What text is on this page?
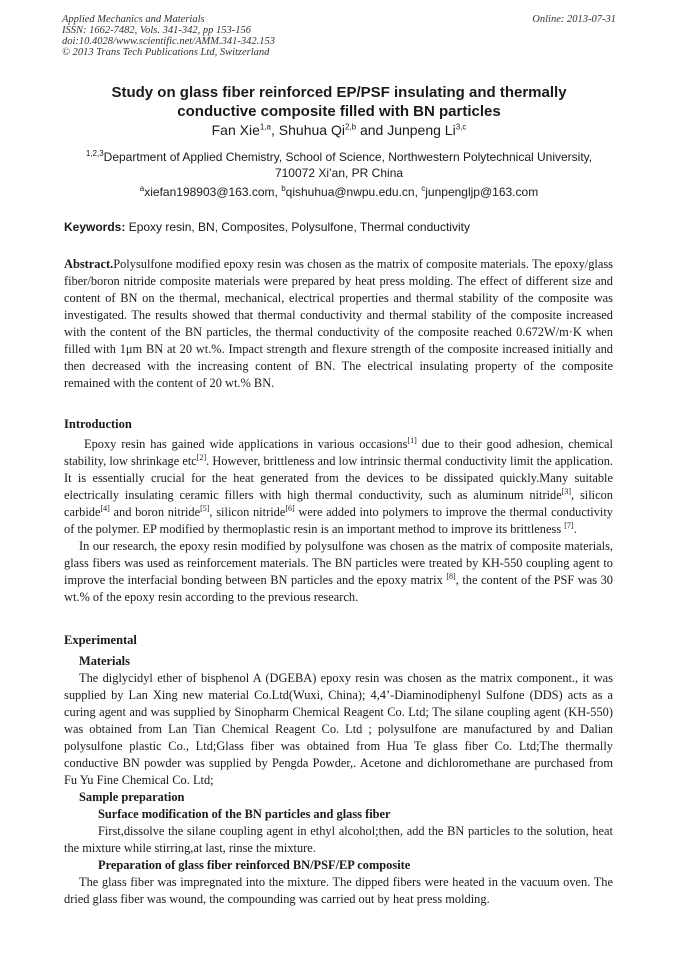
Applied Mechanics and Materials
ISSN: 1662-7482, Vols. 341-342, pp 153-156
doi:10.4028/www.scientific.net/AMM.341-342.153
© 2013 Trans Tech Publications Ltd, Switzerland
Online: 2013-07-31
Study on glass fiber reinforced EP/PSF insulating and thermally
conductive composite filled with BN particles
Fan Xie$^{1,a}$, Shuhua Qi$^{2,b}$ and Junpeng Li$^{3,c}$
$^{1,2,3}$Department of Applied Chemistry, School of Science, Northwestern Polytechnical University,
710072 Xi’an, PR China
$^a$xiefan198903@163.com, $^b$qishuhua@nwpu.edu.cn, $^c$junpengljp@163.com
Keywords: Epoxy resin, BN, Composites, Polysulfone, Thermal conductivity
Abstract.Polysulfone modified epoxy resin was chosen as the matrix of composite materials. The epoxy/glass fiber/boron nitride composite materials were prepared by heat press molding. The effect of different size and content of BN on the thermal, mechanical, electrical properties and thermal stability of the composite was investigated. The results showed that thermal conductivity and thermal stability of the composite increased with the content of the BN particles, the thermal conductivity of the composite reached 0.672W/m·K when filled with 1μm BN at 20 wt.%. Impact strength and flexure strength of the composite increased initially and then decreased with the increasing content of BN. The electrical insulating property of the composite remained with the content of 20 wt.% BN.
Introduction

Epoxy resin has gained wide applications in various occasions[1] due to their good adhesion, chemical stability, low shrinkage etc[2]. However, brittleness and low intrinsic thermal conductivity limit the application. It is essentially crucial for the heat generated from the devices to be dissipated quickly.Many suitable electrically insulating ceramic fillers with high thermal conductivity, such as aluminum nitride[3], silicon carbide[4] and boron nitride[5], silicon nitride[6] were added into polymers to improve the thermal conductivity of the polymer. EP modified by thermoplastic resin is an important method to improve its brittleness [7].

In our research, the epoxy resin modified by polysulfone was chosen as the matrix of composite materials, glass fibers was used as reinforcement materials. The BN particles were treated by KH-550 coupling agent to improve the interfacial bonding between BN particles and the epoxy matrix [8], the content of the PSF was 30 wt.% of the epoxy resin according to the previous research.

Experimental
Materials

The diglycidyl ether of bisphenol A (DGEBA) epoxy resin was chosen as the matrix component., it was supplied by Lan Xing new material Co.Ltd(Wuxi, China); 4,4’-Diaminodiphenyl Sulfone (DDS) acts as a curing agent and was supplied by Sinopharm Chemical Reagent Co. Ltd; The silane coupling agent (KH-550) was obtained from Lan Tian Chemical Reagent Co. Ltd ; polysulfone are manufactured by and Dalian polysulfone plastic Co., Ltd;Glass fiber was obtained from Hua Te glass fiber Co. Ltd;The thermally conductive BN powder was supplied by Pengda Powder,. Acetone and dichloromethane are purchased from Fu Yu Fine Chemical Co. Ltd;

Sample preparation
Surface modification of the BN particles and glass fiber

First,dissolve the silane coupling agent in ethyl alcohol;then, add the BN particles to the solution, heat the mixture while stirring,at last, rinse the mixture.

Preparation of glass fiber reinforced BN/PSF/EP composite

The glass fiber was impregnated into the mixture. The dipped fibers were heated in the vacuum oven. The dried glass fiber was wound, the compounding was carried out by heat press molding.
